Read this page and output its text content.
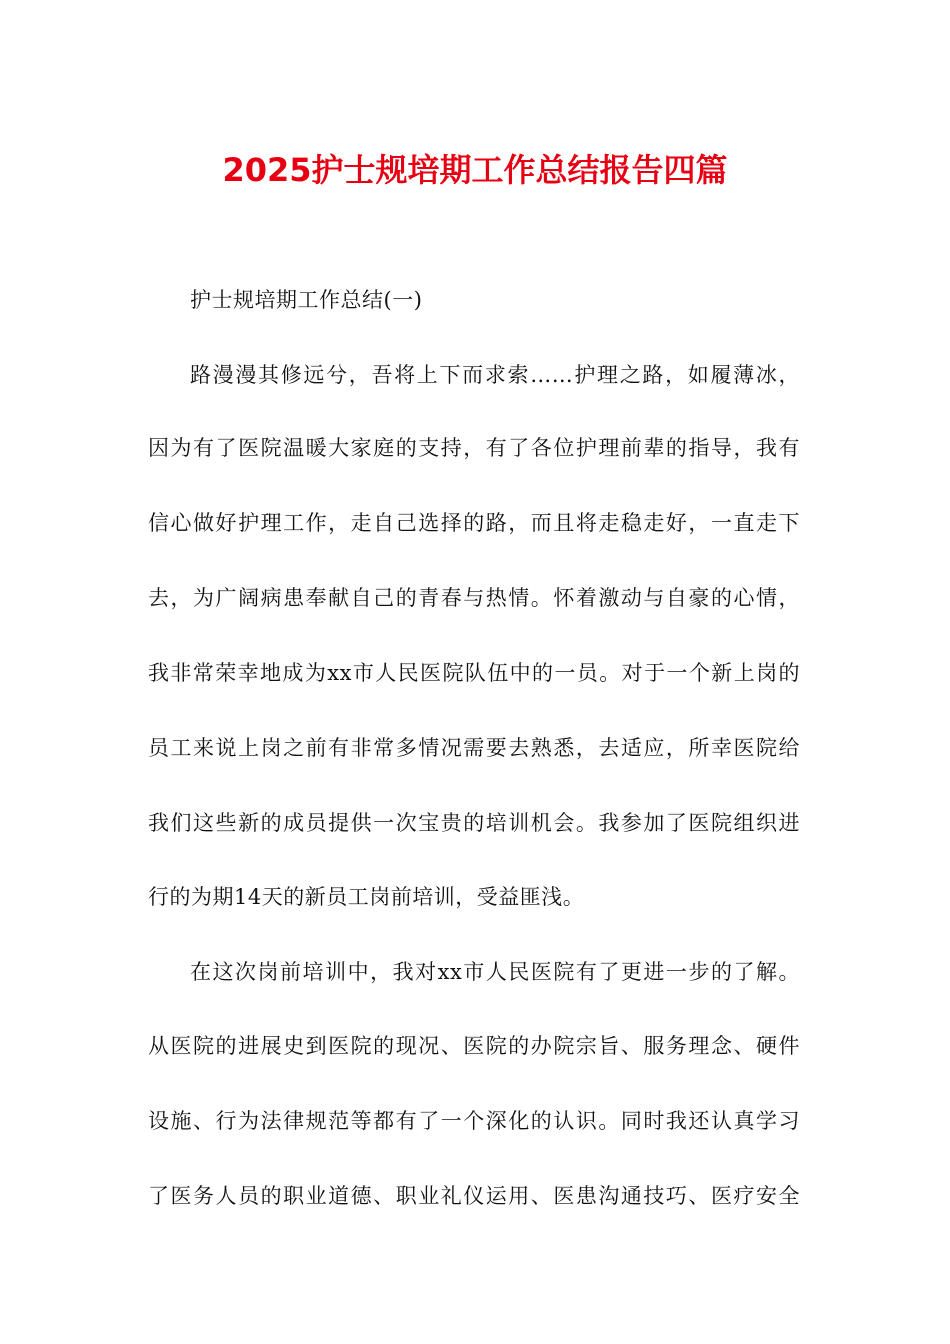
2025护士规培期工作总结报告四篇
护士规培期工作总结(一)
路漫漫其修远兮，吾将上下而求索……护理之路，如履薄冰，
因为有了医院温暖大家庭的支持，有了各位护理前辈的指导，我有
信心做好护理工作，走自己选择的路，而且将走稳走好，一直走下
去，为广阔病患奉献自己的青春与热情。怀着激动与自豪的心情，
我非常荣幸地成为xx市人民医院队伍中的一员。对于一个新上岗的
员工来说上岗之前有非常多情况需要去熟悉，去适应，所幸医院给
我们这些新的成员提供一次宝贵的培训机会。我参加了医院组织进
行的为期14天的新员工岗前培训，受益匪浅。
在这次岗前培训中，我对xx市人民医院有了更进一步的了解。
从医院的进展史到医院的现况、医院的办院宗旨、服务理念、硬件
设施、行为法律规范等都有了一个深化的认识。同时我还认真学习
了医务人员的职业道德、职业礼仪运用、医患沟通技巧、医疗安全
